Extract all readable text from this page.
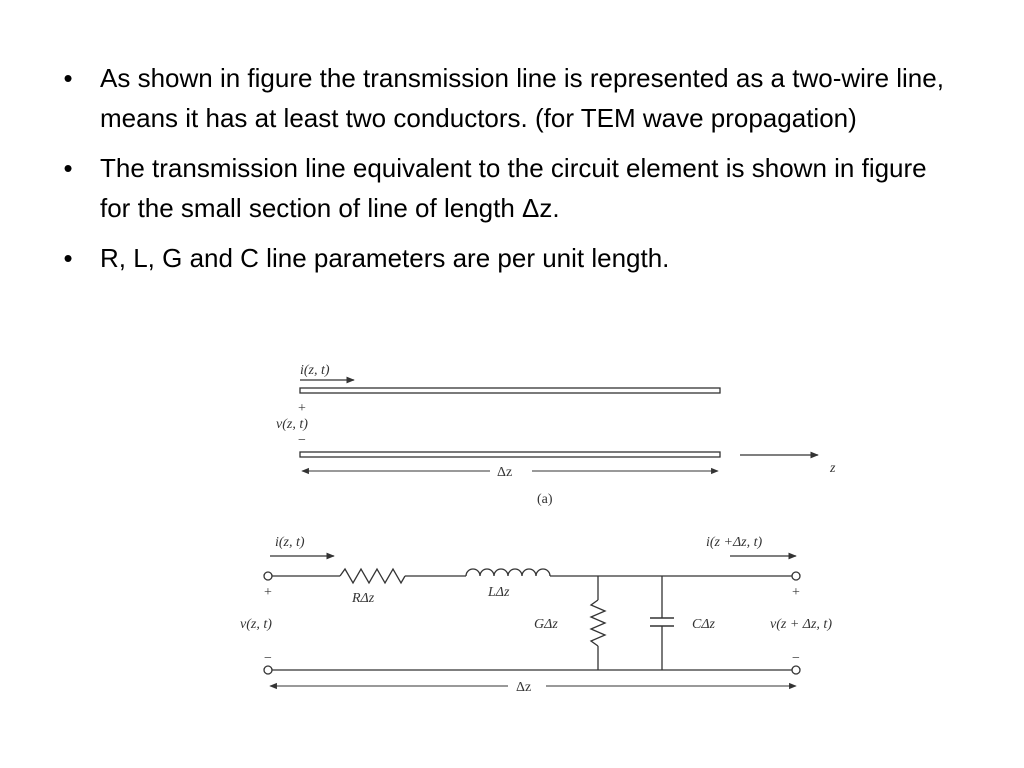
• As shown in figure the transmission line is represented as a two-wire line, means it has at least two conductors. (for TEM wave propagation)
• The transmission line equivalent to the circuit element is shown in figure for the small section of line of length Δz.
• R, L, G and C line parameters are per unit length.
i(z, t)
+
v(z, t)
−
z
Δz
(a)
i(z, t)	i(z +Δz, t)
+	+
v(z, t)	v(z + Δz, t)
−	−
RΔz	LΔz
GΔz	CΔz
Δz
